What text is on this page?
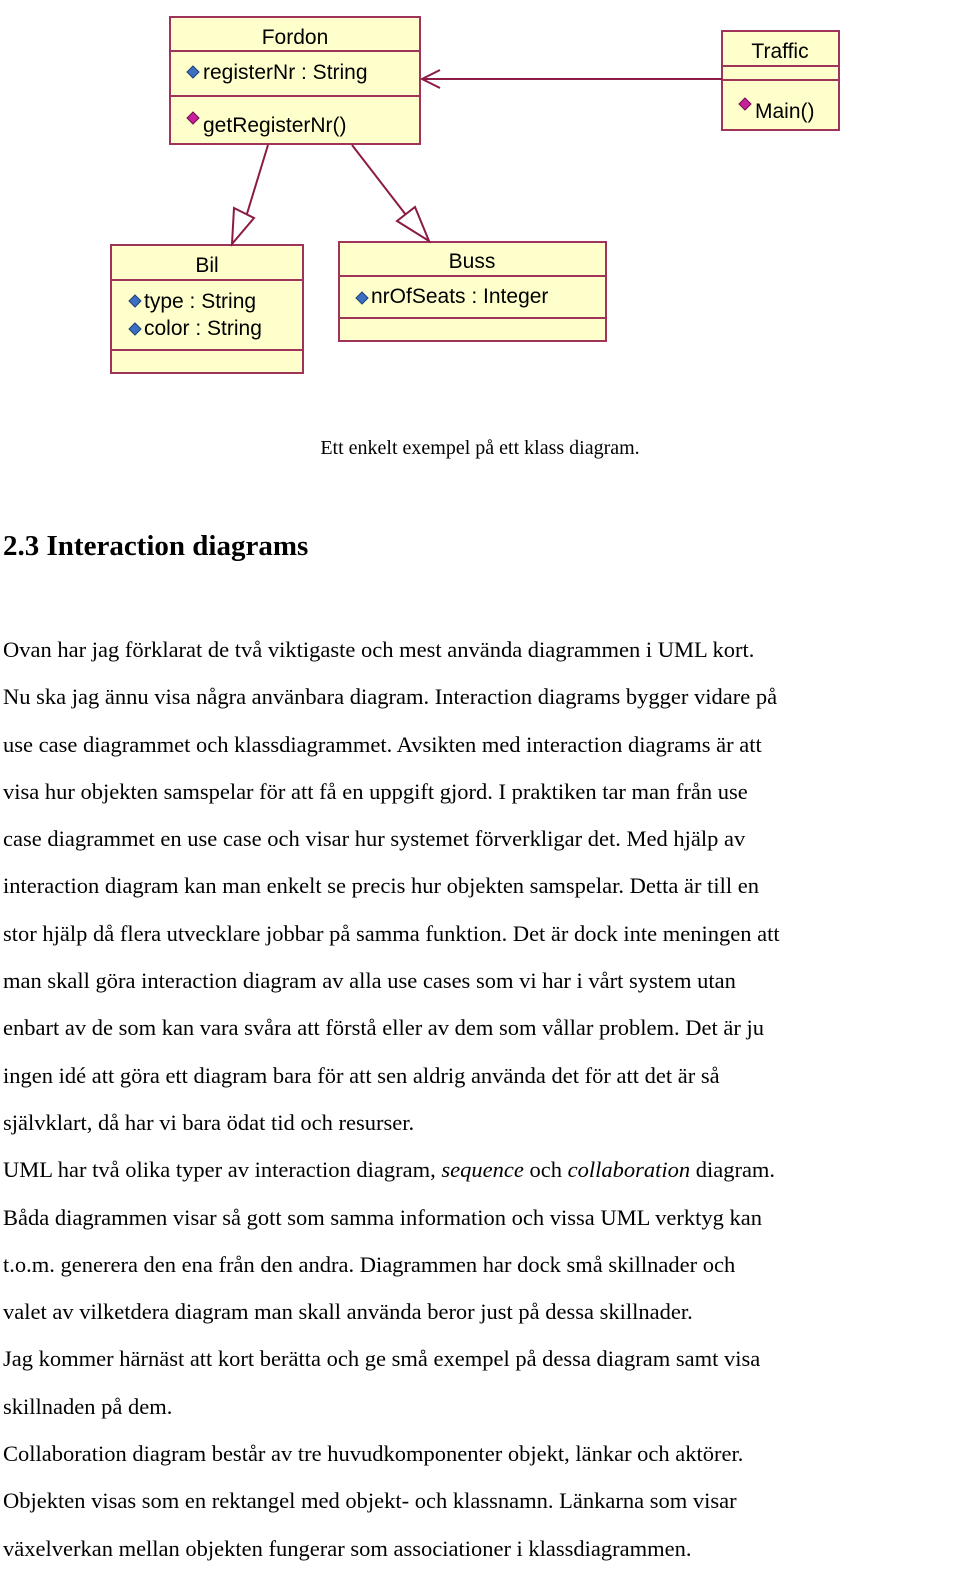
Fordon
registerNr : String
getRegisterNr()
Traffic
Main()
Bil
type : String
color : String
Buss
nrOfSeats : Integer
Ett enkelt exempel på ett klass diagram.
2.3 Interaction diagrams
Ovan har jag förklarat de två viktigaste och mest använda diagrammen i UML kort.
Nu ska jag ännu visa några använbara diagram. Interaction diagrams bygger vidare på
use case diagrammet och klassdiagrammet. Avsikten med interaction diagrams är att
visa hur objekten samspelar för att få en uppgift gjord. I praktiken tar man från use
case diagrammet en use case och visar hur systemet förverkligar det. Med hjälp av
interaction diagram kan man enkelt se precis hur objekten samspelar. Detta är till en
stor hjälp då flera utvecklare jobbar på samma funktion. Det är dock inte meningen att
man skall göra interaction diagram av alla use cases som vi har i vårt system utan
enbart av de som kan vara svåra att förstå eller av dem som vållar problem. Det är ju
ingen idé att göra ett diagram bara för att sen aldrig använda det för att det är så
självklart, då har vi bara ödat tid och resurser.
UML har två olika typer av interaction diagram, sequence och collaboration diagram.
Båda diagrammen visar så gott som samma information och vissa UML verktyg kan
t.o.m. generera den ena från den andra. Diagrammen har dock små skillnader och
valet av vilketdera diagram man skall använda beror just på dessa skillnader.
Jag kommer härnäst att kort berätta och ge små exempel på dessa diagram samt visa
skillnaden på dem.
Collaboration diagram består av tre huvudkomponenter objekt, länkar och aktörer.
Objekten visas som en rektangel med objekt- och klassnamn. Länkarna som visar
växelverkan mellan objekten fungerar som associationer i klassdiagrammen.
